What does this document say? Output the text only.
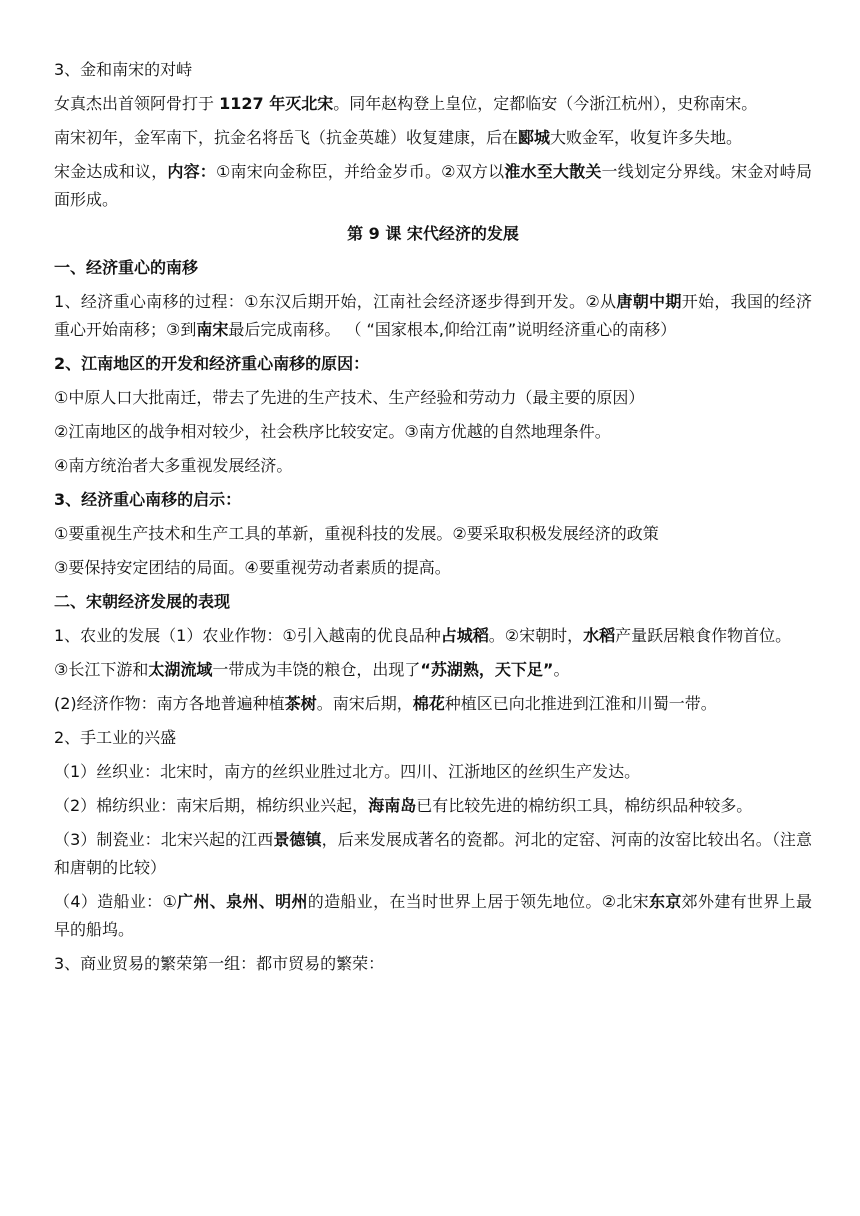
3、金和南宋的对峙
女真杰出首领阿骨打于 1127 年灭北宋。同年赵构登上皇位，定都临安（今浙江杭州），史称南宋。
南宋初年，金军南下，抗金名将岳飞（抗金英雄）收复建康，后在郾城大败金军，收复许多失地。
宋金达成和议，内容：①南宋向金称臣，并给金岁币。②双方以淮水至大散关一线划定分界线。宋金对峙局面形成。
第 9 课 宋代经济的发展
一、经济重心的南移
1、经济重心南移的过程：①东汉后期开始，江南社会经济逐步得到开发。②从唐朝中期开始，我国的经济重心开始南移；③到南宋最后完成南移。 （ “国家根本,仰给江南”说明经济重心的南移）
2、江南地区的开发和经济重心南移的原因：
①中原人口大批南迁，带去了先进的生产技术、生产经验和劳动力（最主要的原因）
②江南地区的战争相对较少，社会秩序比较安定。③南方优越的自然地理条件。
④南方统治者大多重视发展经济。
3、经济重心南移的启示：
①要重视生产技术和生产工具的革新，重视科技的发展。②要采取积极发展经济的政策
③要保持安定团结的局面。④要重视劳动者素质的提高。
二、宋朝经济发展的表现
1、农业的发展（1）农业作物：①引入越南的优良品种占城稻。②宋朝时，水稻产量跃居粮食作物首位。
③长江下游和太湖流域一带成为丰饶的粮仓，出现了“苏湖熟，天下足”。
(2)经济作物：南方各地普遍种植茶树。南宋后期，棉花种植区已向北推进到江淮和川蜀一带。
2、手工业的兴盛
（1）丝织业：北宋时，南方的丝织业胜过北方。四川、江浙地区的丝织生产发达。
（2）棉纺织业：南宋后期，棉纺织业兴起，海南岛已有比较先进的棉纺织工具，棉纺织品种较多。
（3）制瓷业：北宋兴起的江西景德镇，后来发展成著名的瓷都。河北的定窑、河南的汝窑比较出名。（注意和唐朝的比较）
（4）造船业：①广州、泉州、明州的造船业，在当时世界上居于领先地位。②北宋东京郊外建有世界上最早的船坞。
3、商业贸易的繁荣第一组：都市贸易的繁荣：
